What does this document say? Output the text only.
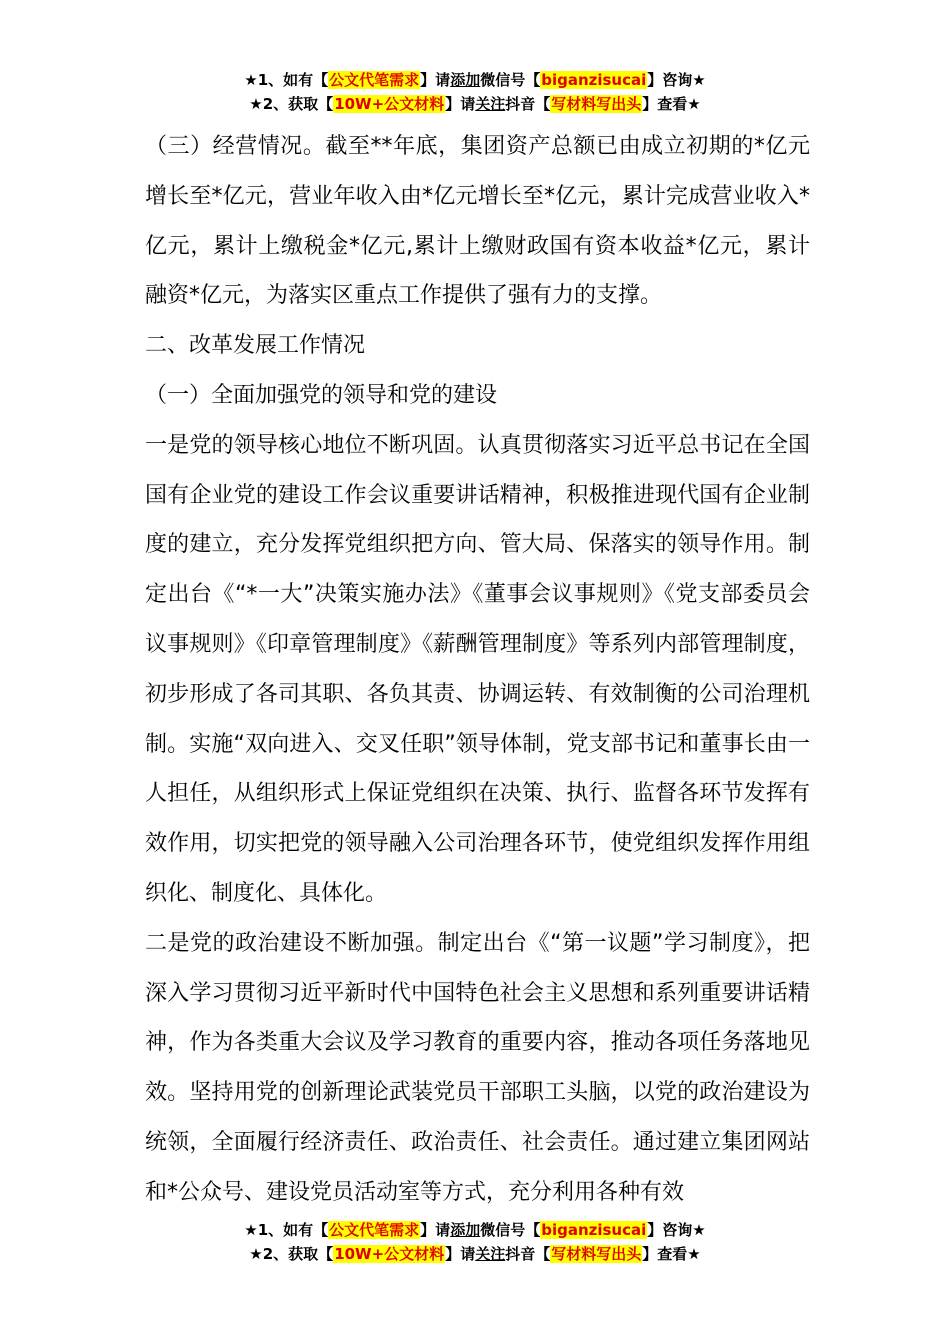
★1、如有【公文代笔需求】请添加微信号【biganzisucai】咨询★
★2、获取【10W+公文材料】请关注抖音【写材料写出头】查看★

（三）经营情况。截至**年底，集团资产总额已由成立初期的*亿元增长至*亿元，营业年收入由*亿元增长至*亿元，累计完成营业收入*亿元，累计上缴税金*亿元,累计上缴财政国有资本收益*亿元，累计融资*亿元，为落实区重点工作提供了强有力的支撑。

二、改革发展工作情况

（一）全面加强党的领导和党的建设

一是党的领导核心地位不断巩固。认真贯彻落实习近平总书记在全国国有企业党的建设工作会议重要讲话精神，积极推进现代国有企业制度的建立，充分发挥党组织把方向、管大局、保落实的领导作用。制定出台《“*一大”决策实施办法》《董事会议事规则》《党支部委员会议事规则》《印章管理制度》《薪酬管理制度》等系列内部管理制度，初步形成了各司其职、各负其责、协调运转、有效制衡的公司治理机制。实施“双向进入、交叉任职”领导体制，党支部书记和董事长由一人担任，从组织形式上保证党组织在决策、执行、监督各环节发挥有效作用，切实把党的领导融入公司治理各环节，使党组织发挥作用组织化、制度化、具体化。

二是党的政治建设不断加强。制定出台《“第一议题”学习制度》，把深入学习贯彻习近平新时代中国特色社会主义思想和系列重要讲话精神，作为各类重大会议及学习教育的重要内容，推动各项任务落地见效。坚持用党的创新理论武装党员干部职工头脑，以党的政治建设为统领，全面履行经济责任、政治责任、社会责任。通过建立集团网站和*公众号、建设党员活动室等方式，充分利用各种有效

★1、如有【公文代笔需求】请添加微信号【biganzisucai】咨询★
★2、获取【10W+公文材料】请关注抖音【写材料写出头】查看★
